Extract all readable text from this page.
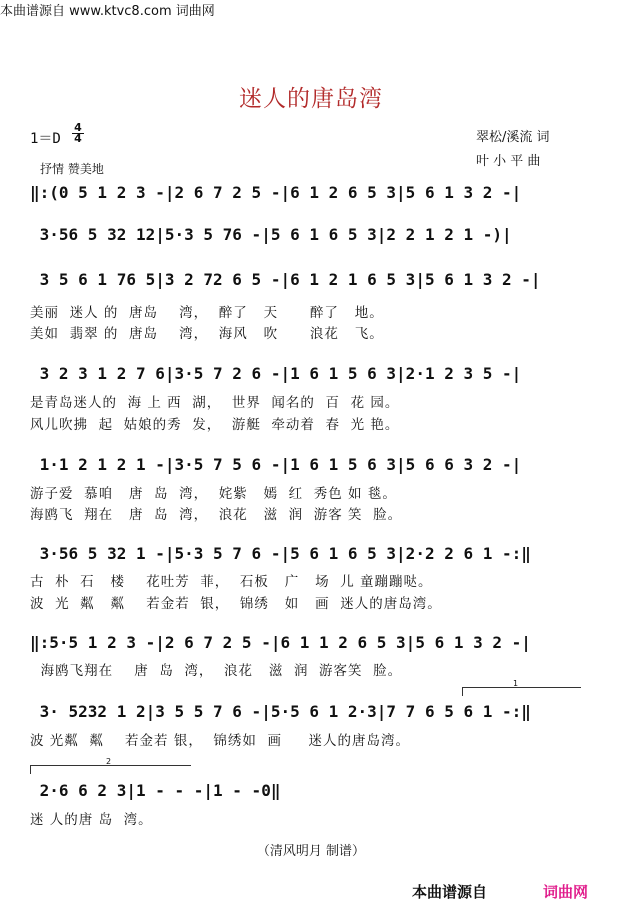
本曲谱源自 www.ktvc8.com 词曲网
迷人的唐岛湾
1＝D
4
4
抒情 赞美地
翠松/溪流 词
叶 小 平 曲
‖:(0 5 1 2 3 -|2 6 7 2 5 -|6 1 2 6 5 3|5 6 1 3 2 -|
3·56 5 32 12|5·3 5 76 -|5 6 1 6 5 3|2 2 1 2 1 -)|
3 5 6 1 76 5|3 2 72 6 5 -|6 1 2 1 6 5 3|5 6 1 3 2 -|
美丽  迷人 的  唐岛    湾，  醉了   天      醉了   地。
美如  翡翠 的  唐岛    湾，  海风   吹      浪花   飞。
3 2 3 1 2 7 6|3·5 7 2 6 -|1 6 1 5 6 3|2·1 2 3 5 -|
是青岛迷人的  海 上 西  湖，  世界  闻名的  百  花 园。
风儿吹拂  起  姑娘的秀  发，  游艇  牵动着  春  光 艳。
1·1 2 1 2 1 -|3·5 7 5 6 -|1 6 1 5 6 3|5 6 6 3 2 -|
游子爱  慕咱   唐  岛  湾，  姹紫   嫣  红  秀色 如 毯。
海鸥飞  翔在   唐  岛  湾，  浪花   滋  润  游客 笑  脸。
3·56 5 32 1 -|5·3 5 7 6 -|5 6 1 6 5 3|2·2 2 6 1 -:‖
古  朴  石   楼    花吐芳  菲，  石板   广   场  儿 童蹦蹦哒。
波  光  粼   粼    若金若  银，  锦绣   如   画  迷人的唐岛湾。
‖:5·5 1 2 3 -|2 6 7 2 5 -|6 1 1 2 6 5 3|5 6 1 3 2 -|
海鸥飞翔在    唐  岛  湾，  浪花   滋  润  游客笑  脸。
1
3· 5232 1 2|3 5 5 7 6 -|5·5 6 1 2·3|7 7 6 5 6 1 -:‖
波 光粼  粼    若金若 银，  锦绣如  画     迷人的唐岛湾。
2
2·6 6 2 3|1 - - -|1 - -0‖
迷 人的唐 岛  湾。
（清风明月 制谱）
本曲谱源自	词曲网
